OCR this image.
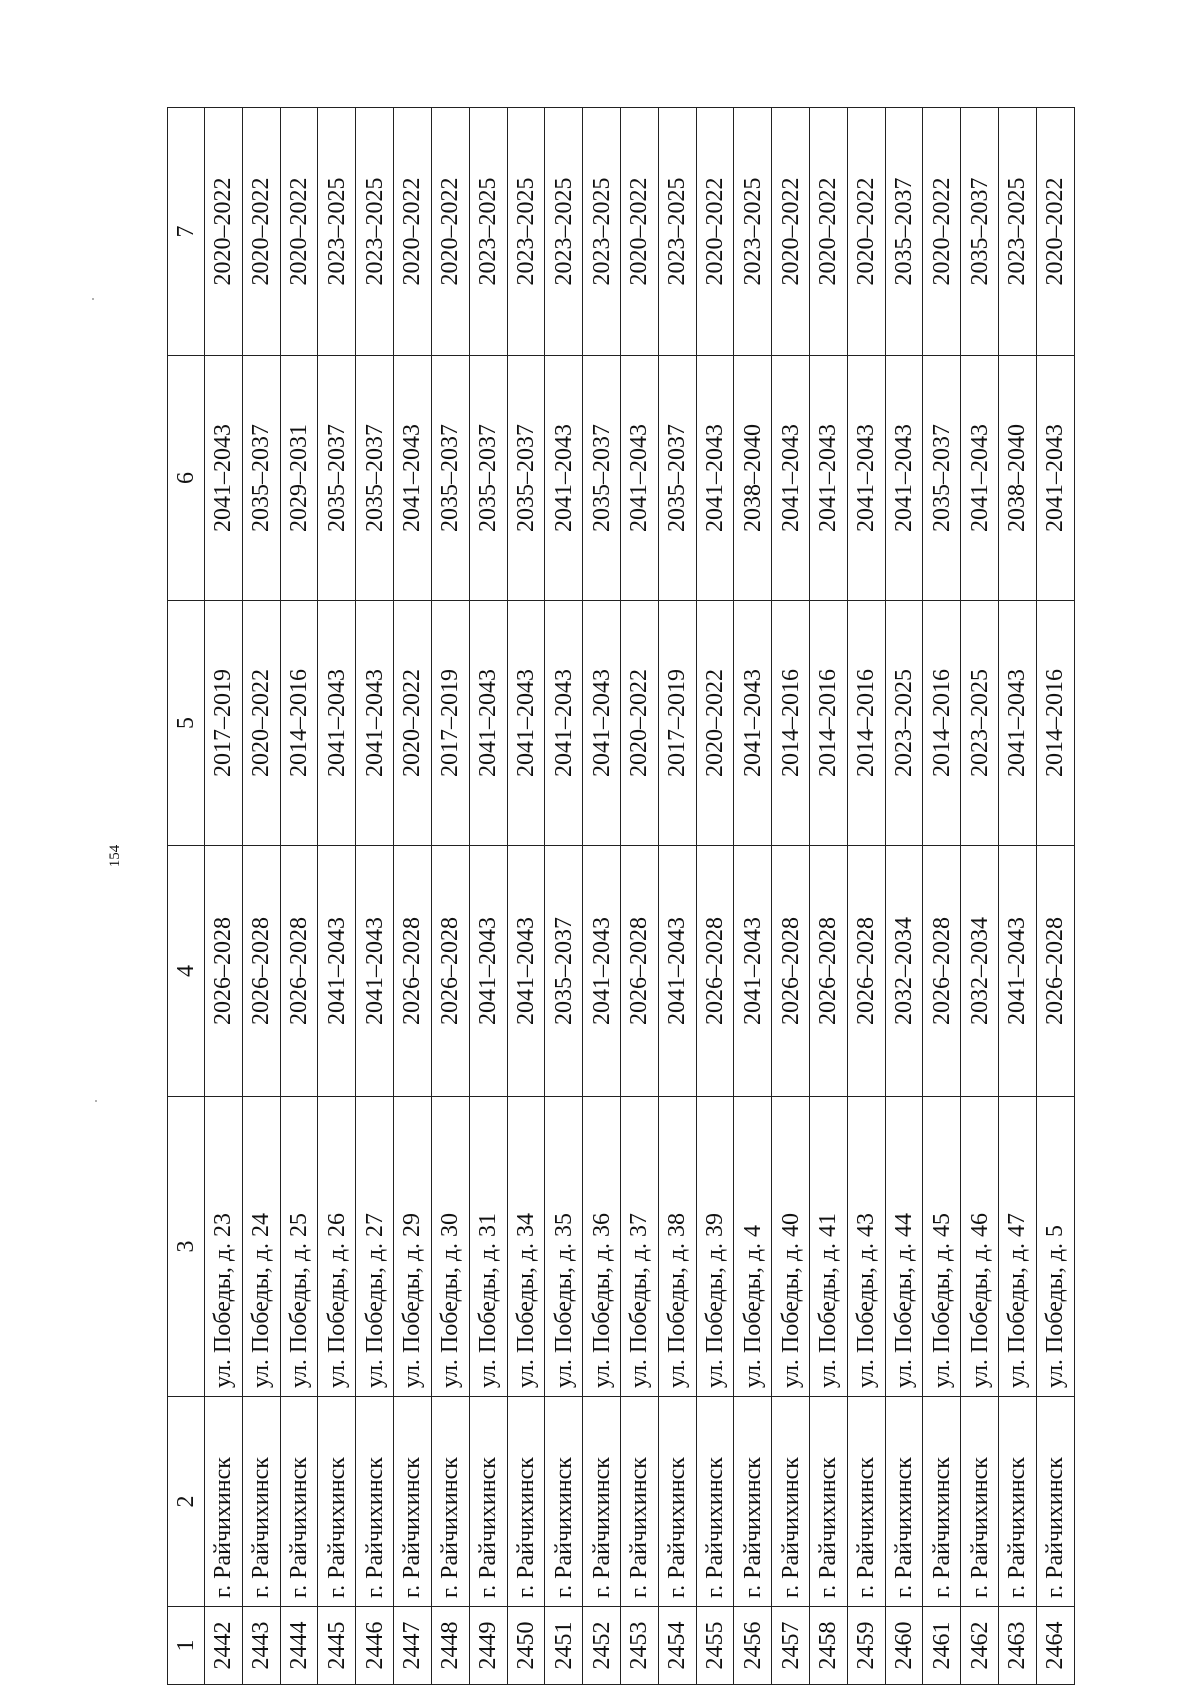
154
1	2	3	4	5	6	7
2442	г. Райчихинск	ул. Победы, д. 23	2026–2028	2017–2019	2041–2043	2020–2022
2443	г. Райчихинск	ул. Победы, д. 24	2026–2028	2020–2022	2035–2037	2020–2022
2444	г. Райчихинск	ул. Победы, д. 25	2026–2028	2014–2016	2029–2031	2020–2022
2445	г. Райчихинск	ул. Победы, д. 26	2041–2043	2041–2043	2035–2037	2023–2025
2446	г. Райчихинск	ул. Победы, д. 27	2041–2043	2041–2043	2035–2037	2023–2025
2447	г. Райчихинск	ул. Победы, д. 29	2026–2028	2020–2022	2041–2043	2020–2022
2448	г. Райчихинск	ул. Победы, д. 30	2026–2028	2017–2019	2035–2037	2020–2022
2449	г. Райчихинск	ул. Победы, д. 31	2041–2043	2041–2043	2035–2037	2023–2025
2450	г. Райчихинск	ул. Победы, д. 34	2041–2043	2041–2043	2035–2037	2023–2025
2451	г. Райчихинск	ул. Победы, д. 35	2035–2037	2041–2043	2041–2043	2023–2025
2452	г. Райчихинск	ул. Победы, д. 36	2041–2043	2041–2043	2035–2037	2023–2025
2453	г. Райчихинск	ул. Победы, д. 37	2026–2028	2020–2022	2041–2043	2020–2022
2454	г. Райчихинск	ул. Победы, д. 38	2041–2043	2017–2019	2035–2037	2023–2025
2455	г. Райчихинск	ул. Победы, д. 39	2026–2028	2020–2022	2041–2043	2020–2022
2456	г. Райчихинск	ул. Победы, д. 4	2041–2043	2041–2043	2038–2040	2023–2025
2457	г. Райчихинск	ул. Победы, д. 40	2026–2028	2014–2016	2041–2043	2020–2022
2458	г. Райчихинск	ул. Победы, д. 41	2026–2028	2014–2016	2041–2043	2020–2022
2459	г. Райчихинск	ул. Победы, д. 43	2026–2028	2014–2016	2041–2043	2020–2022
2460	г. Райчихинск	ул. Победы, д. 44	2032–2034	2023–2025	2041–2043	2035–2037
2461	г. Райчихинск	ул. Победы, д. 45	2026–2028	2014–2016	2035–2037	2020–2022
2462	г. Райчихинск	ул. Победы, д. 46	2032–2034	2023–2025	2041–2043	2035–2037
2463	г. Райчихинск	ул. Победы, д. 47	2041–2043	2041–2043	2038–2040	2023–2025
2464	г. Райчихинск	ул. Победы, д. 5	2026–2028	2014–2016	2041–2043	2020–2022
